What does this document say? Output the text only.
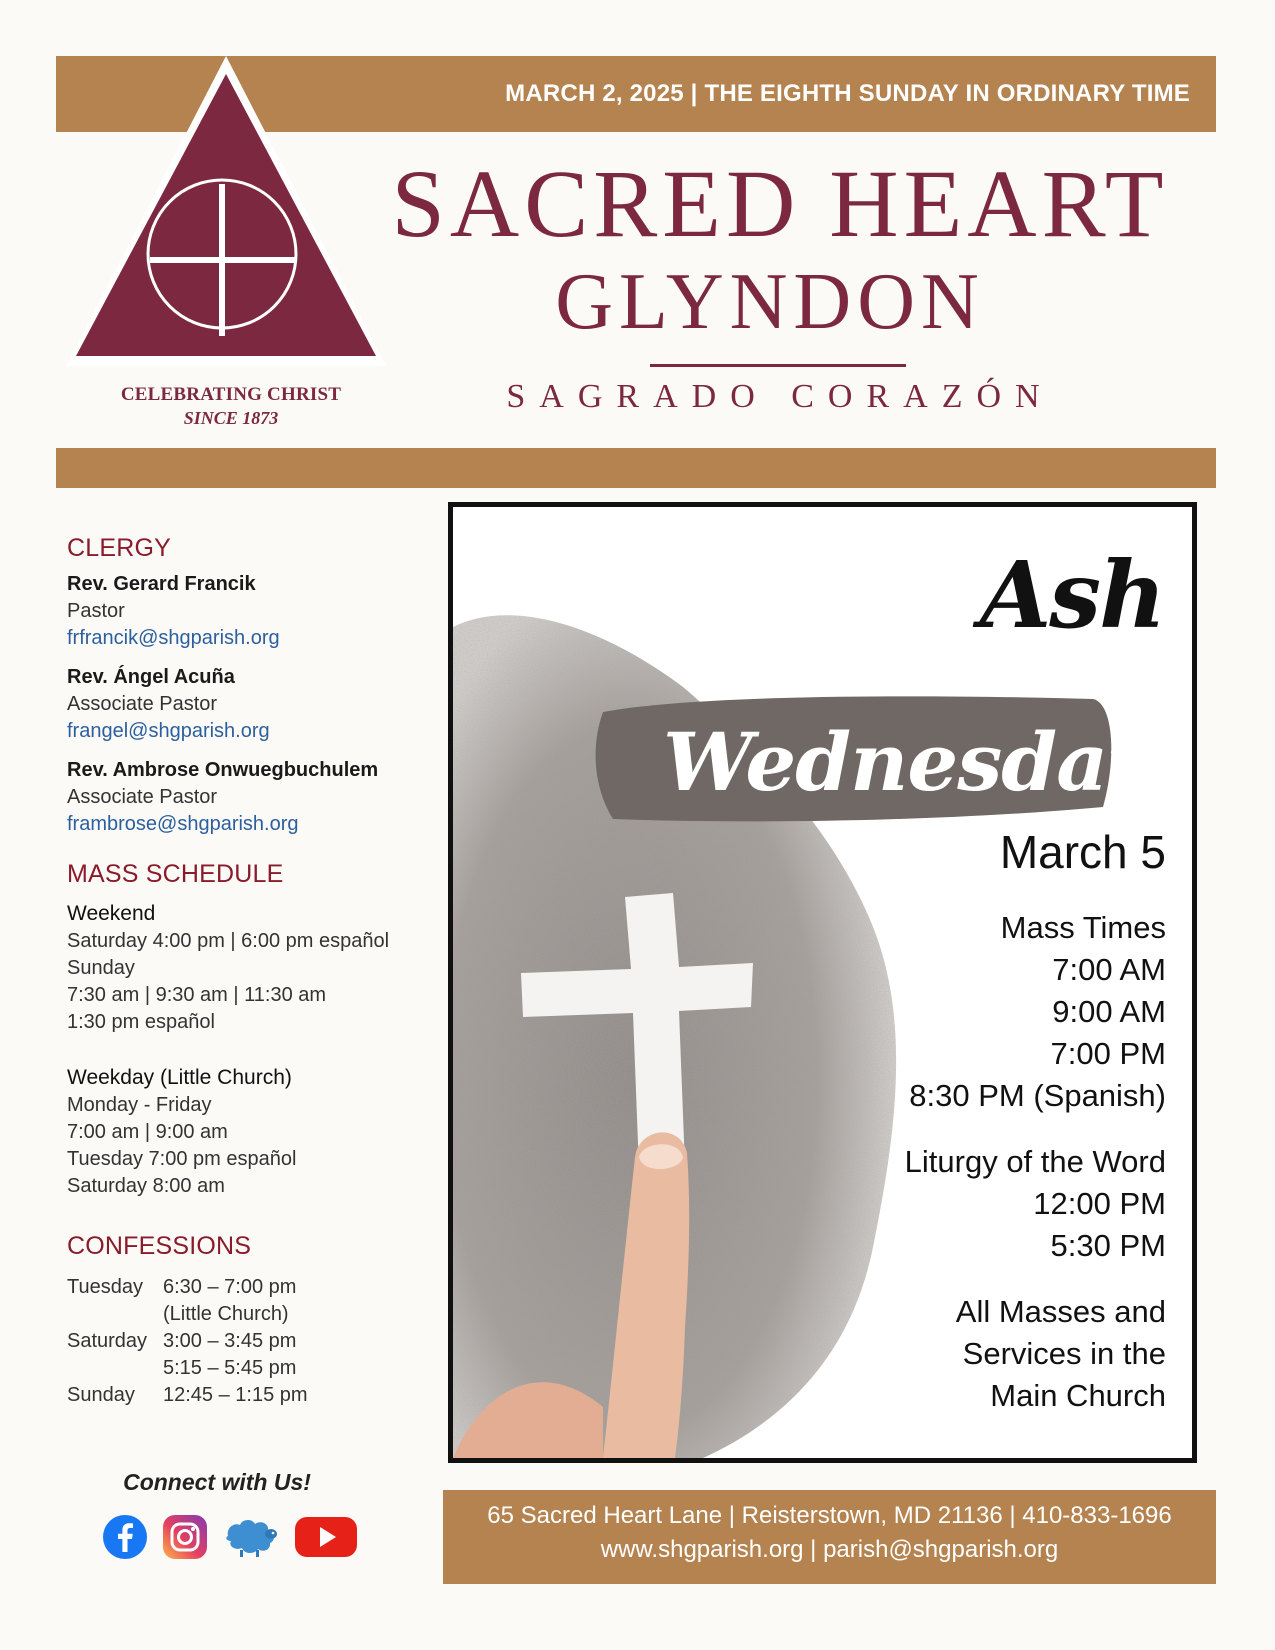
MARCH 2, 2025 | THE EIGHTH SUNDAY IN ORDINARY TIME
CELEBRATING CHRIST
SINCE 1873
SACRED HEART
GLYNDON
SAGRADO CORAZÓN
CLERGY
Rev. Gerard Francik
Pastor
frfrancik@shgparish.org
Rev. Ángel Acuña
Associate Pastor
frangel@shgparish.org
Rev. Ambrose Onwuegbuchulem
Associate Pastor
frambrose@shgparish.org
MASS SCHEDULE
Weekend
Saturday 4:00 pm | 6:00 pm español
Sunday
7:30 am | 9:30 am | 11:30 am
1:30 pm español
Weekday (Little Church)
Monday - Friday
7:00 am | 9:00 am
Tuesday 7:00 pm español
Saturday 8:00 am
CONFESSIONS
Tuesday 6:30 – 7:00 pm
(Little Church)
Saturday 3:00 – 3:45 pm
5:15 – 5:45 pm
Sunday 12:45 – 1:15 pm
Connect with Us!
Ash
Wednesday
March 5
Mass Times
7:00 AM
9:00 AM
7:00 PM
8:30 PM (Spanish)
Liturgy of the Word
12:00 PM
5:30 PM
All Masses and
Services in the
Main Church
65 Sacred Heart Lane | Reisterstown, MD 21136 | 410-833-1696
www.shgparish.org | parish@shgparish.org
